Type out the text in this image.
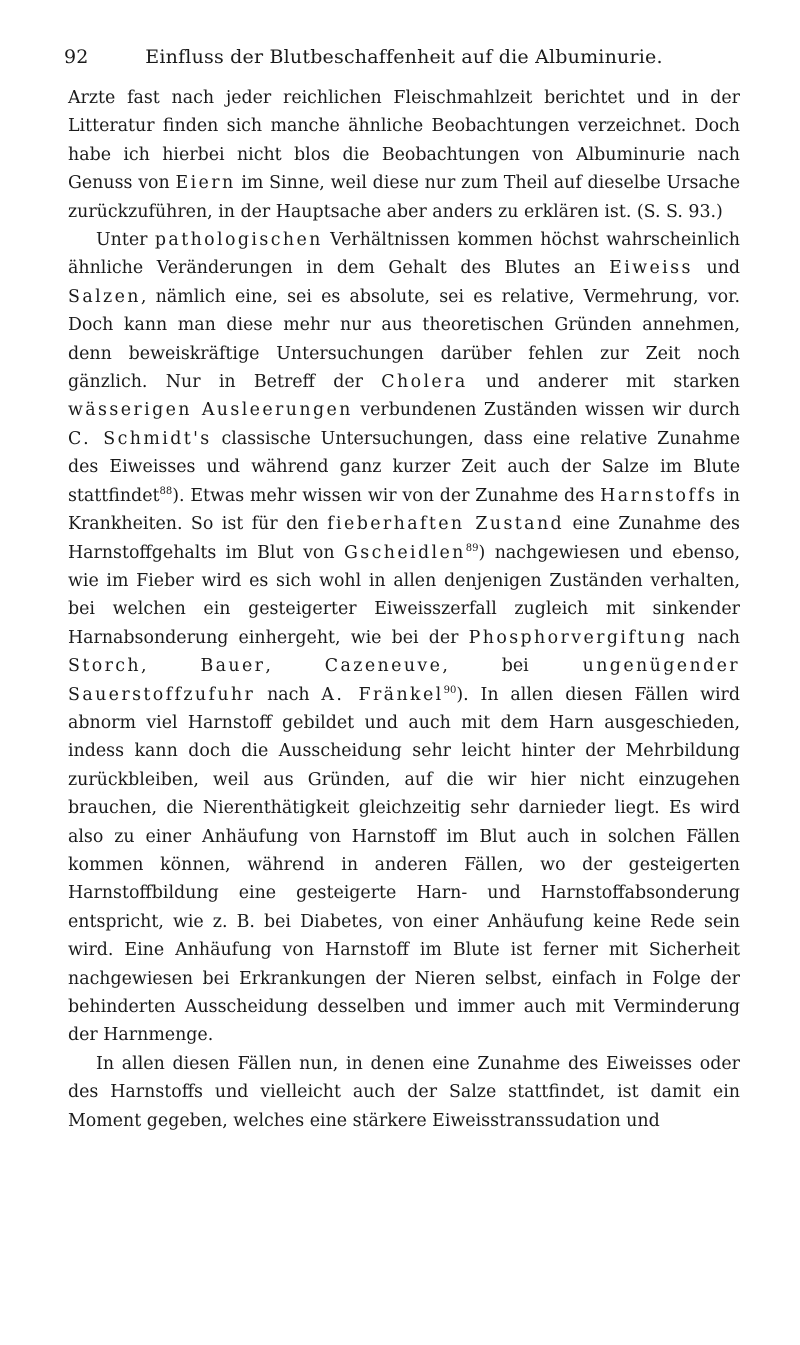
92	Einfluss der Blutbeschaffenheit auf die Albuminurie.

Arzte fast nach jeder reichlichen Fleischmahlzeit berichtet und in der Litteratur finden sich manche ähnliche Beobachtungen verzeichnet. Doch habe ich hierbei nicht blos die Beobachtungen von Albuminurie nach Genuss von Eiern im Sinne, weil diese nur zum Theil auf dieselbe Ursache zurückzuführen, in der Hauptsache aber anders zu erklären ist. (S. S. 93.)

Unter pathologischen Verhältnissen kommen höchst wahrscheinlich ähnliche Veränderungen in dem Gehalt des Blutes an Eiweiss und Salzen, nämlich eine, sei es absolute, sei es relative, Vermehrung, vor. Doch kann man diese mehr nur aus theoretischen Gründen annehmen, denn beweiskräftige Untersuchungen darüber fehlen zur Zeit noch gänzlich. Nur in Betreff der Cholera und anderer mit starken wässerigen Ausleerungen verbundenen Zuständen wissen wir durch C. Schmidt's classische Untersuchungen, dass eine relative Zunahme des Eiweisses und während ganz kurzer Zeit auch der Salze im Blute stattfindet$^{88}$). Etwas mehr wissen wir von der Zunahme des Harnstoffs in Krankheiten. So ist für den fieberhaften Zustand eine Zunahme des Harnstoffgehalts im Blut von Gscheidlen$^{89}$) nachgewiesen und ebenso, wie im Fieber wird es sich wohl in allen denjenigen Zuständen verhalten, bei welchen ein gesteigerter Eiweisszerfall zugleich mit sinkender Harnabsonderung einhergeht, wie bei der Phosphorvergiftung nach Storch, Bauer, Cazeneuve, bei ungenügender Sauerstoffzufuhr nach A. Fränkel$^{90}$). In allen diesen Fällen wird abnorm viel Harnstoff gebildet und auch mit dem Harn ausgeschieden, indess kann doch die Ausscheidung sehr leicht hinter der Mehrbildung zurückbleiben, weil aus Gründen, auf die wir hier nicht einzugehen brauchen, die Nierenthätigkeit gleichzeitig sehr darnieder liegt. Es wird also zu einer Anhäufung von Harnstoff im Blut auch in solchen Fällen kommen können, während in anderen Fällen, wo der gesteigerten Harnstoffbildung eine gesteigerte Harn- und Harnstoffabsonderung entspricht, wie z. B. bei Diabetes, von einer Anhäufung keine Rede sein wird. Eine Anhäufung von Harnstoff im Blute ist ferner mit Sicherheit nachgewiesen bei Erkrankungen der Nieren selbst, einfach in Folge der behinderten Ausscheidung desselben und immer auch mit Verminderung der Harnmenge.

In allen diesen Fällen nun, in denen eine Zunahme des Eiweisses oder des Harnstoffs und vielleicht auch der Salze stattfindet, ist damit ein Moment gegeben, welches eine stärkere Eiweisstranssudation und
